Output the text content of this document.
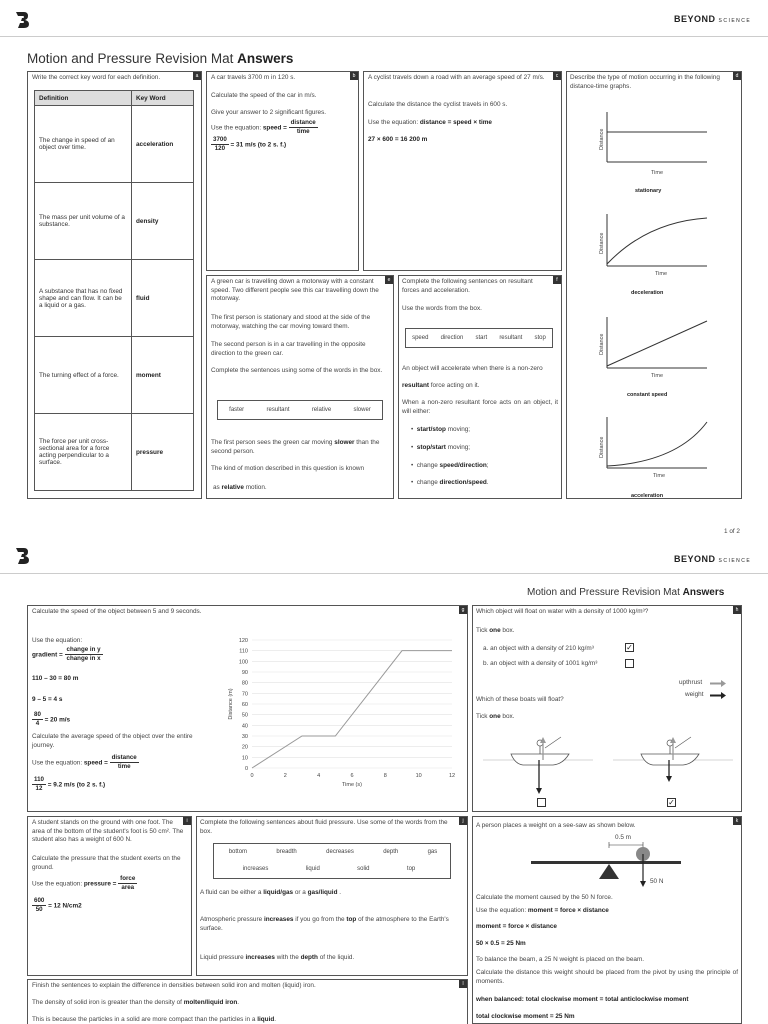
BEYOND SCIENCE
Motion and Pressure Revision Mat Answers
a
Write the correct key word for each definition.
Definition	Key Word
The change in speed of an object over time.	acceleration
The mass per unit volume of a substance.	density
A substance that has no fixed shape and can flow. It can be a liquid or a gas.	fluid
The turning effect of a force.	moment
The force per unit cross-sectional area for a force acting perpendicular to a surface.	pressure
b
A car travels 3700 m in 120 s.
Calculate the speed of the car in m/s.
Give your answer to 2 significant figures.
Use the equation: speed = $\frac{\text{distance}}{\text{time}}$
$\frac{3700}{120} = 31$ m/s (to 2 s. f.)
c
A cyclist travels down a road with an average speed of 27 m/s.
Calculate the distance the cyclist travels in 600 s.
Use the equation: distance = speed × time
27 × 600 = 16 200 m
d
Describe the type of motion occurring in the following distance-time graphs.
Distance
Time
stationary
Distance
Time
deceleration
Distance
Time
constant speed
Distance
Time
acceleration
e
A green car is travelling down a motorway with a constant speed. Two different people see this car travelling down the motorway.
The first person is stationary and stood at the side of the motorway, watching the car moving toward them.
The second person is in a car travelling in the opposite direction to the green car.
Complete the sentences using some of the words in the box.
faster	resultant	relative	slower
The first person sees the green car moving slower than the second person.
The kind of motion described in this question is known
as relative motion.
f
Complete the following sentences on resultant forces and acceleration.
Use the words from the box.
speed direction start resultant stop
An object will accelerate when there is a non-zero
resultant force acting on it.
When a non-zero resultant force acts on an object, it will either:
•  start/stop moving;
•  stop/start moving;
•  change speed/direction;
•  change direction/speed.
1 of 2
BEYOND SCIENCE
Motion and Pressure Revision Mat Answers
g
Calculate the speed of the object between 5 and 9 seconds.
Use the equation:
gradient = $\frac{\text{change in y}}{\text{change in x}}$
110 – 30 = 80 m
9 – 5 = 4 s
$\frac{80}{4} = 20$ m/s
Calculate the average speed of the object over the entire journey.
Use the equation: speed = $\frac{\text{distance}}{\text{time}}$
$\frac{110}{12} = 9.2$ m/s (to 2 s. f.)
0
10
20
30
40
50
60
70
80
90
100
110
120
0	2	4	6	8	10	12
Time (s)
Distance (m)
h
Which object will float on water with a density of 1000 kg/m³?
Tick one box.
a. an object with a density of 210 kg/m³	✓
b. an object with a density of 1001 kg/m³
upthrust
weight
Which of these boats will float?
Tick one box.
✓
i
A student stands on the ground with one foot. The area of the bottom of the student's foot is 50 cm². The student also has a weight of 600 N.
Calculate the pressure that the student exerts on the ground.
Use the equation: pressure = $\frac{\text{force}}{\text{area}}$
$\frac{600}{50} = 12$ N/cm2
j
Complete the following sentences about fluid pressure. Use some of the words from the box.
bottom	breadth	decreases	depth	gas
increases	liquid	solid	top
A fluid can be either a liquid/gas or a gas/liquid .
Atmospheric pressure increases if you go from the top of the atmosphere to the Earth's surface.
Liquid pressure increases with the depth of the liquid.
k
A person places a weight on a see-saw as shown below.
0.5 m
50 N
Calculate the moment caused by the 50 N force.
Use the equation: moment = force × distance
moment = force × distance
50 × 0.5 = 25 Nm
To balance the beam, a 25 N weight is placed on the beam.
Calculate the distance this weight should be placed from the pivot by using the principle of moments.
when balanced: total clockwise moment = total anticlockwise moment
total clockwise moment = 25 Nm
l
Finish the sentences to explain the difference in densities between solid iron and molten (liquid) iron.
The density of solid iron is greater than the density of molten/liquid iron.
This is because the particles in a solid are more compact than the particles in a liquid.
